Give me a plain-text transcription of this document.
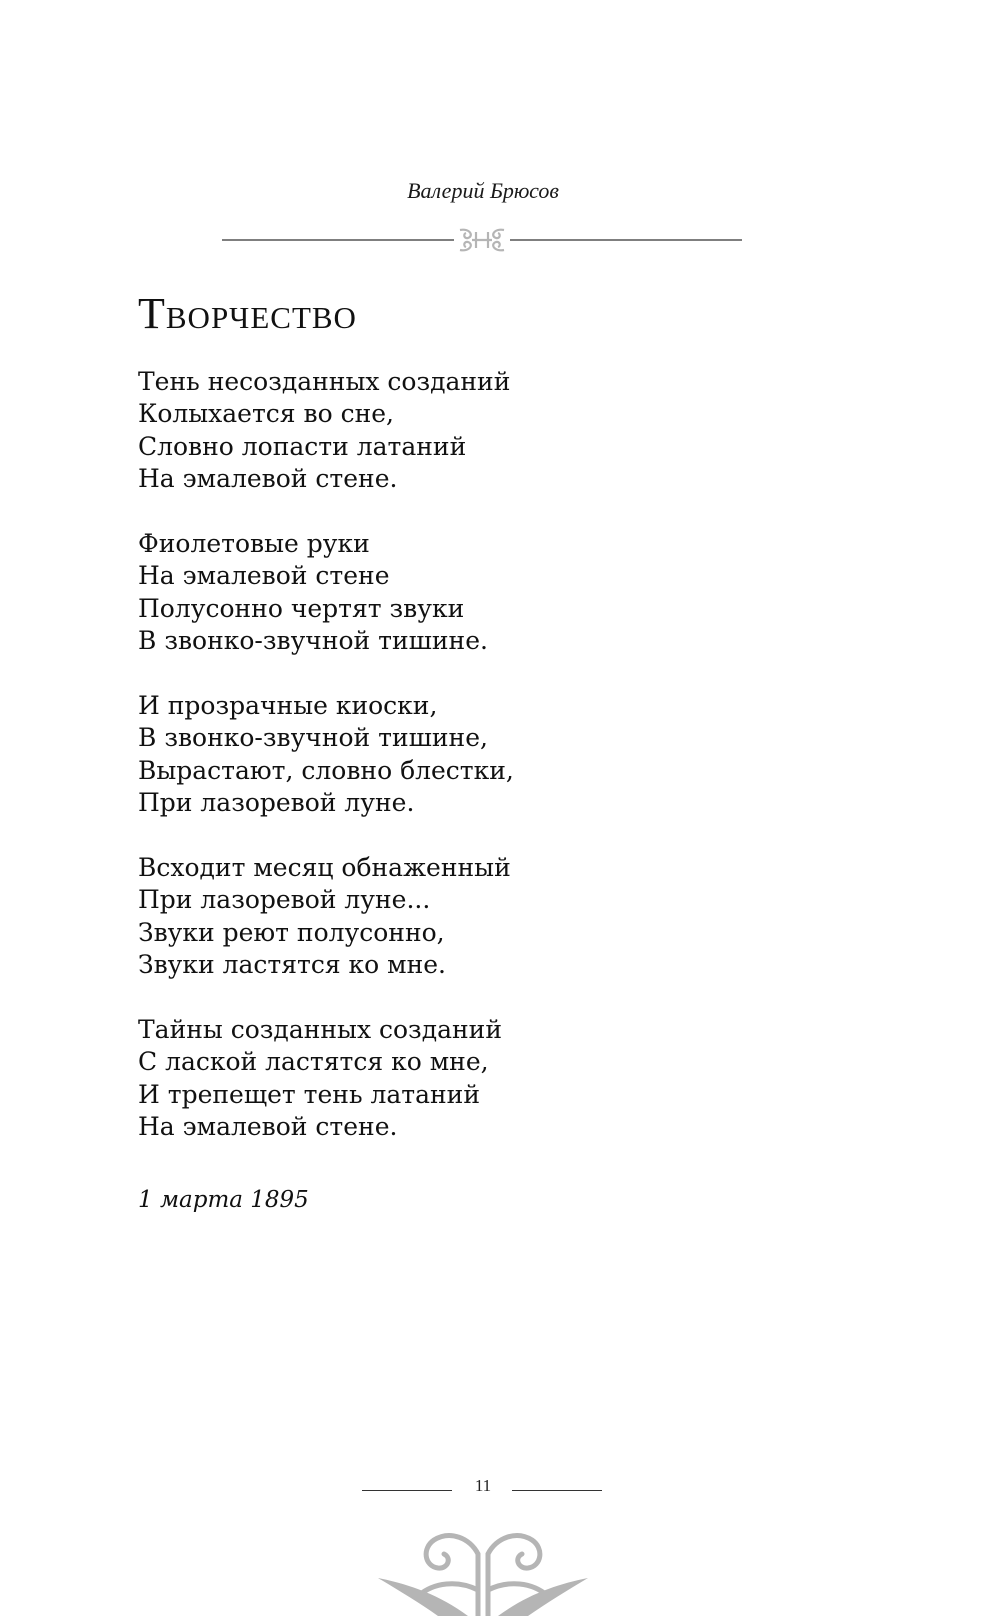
Валерий Брюсов
Творчество

Тень несозданных созданий
Колыхается во сне,
Словно лопасти латаний
На эмалевой стене.

Фиолетовые руки
На эмалевой стене
Полусонно чертят звуки
В звонко-звучной тишине.

И прозрачные киоски,
В звонко-звучной тишине,
Вырастают, словно блестки,
При лазоревой луне.

Всходит месяц обнаженный
При лазоревой луне...
Звуки реют полусонно,
Звуки ластятся ко мне.

Тайны созданных созданий
С лаской ластятся ко мне,
И трепещет тень латаний
На эмалевой стене.

1 марта 1895
11
